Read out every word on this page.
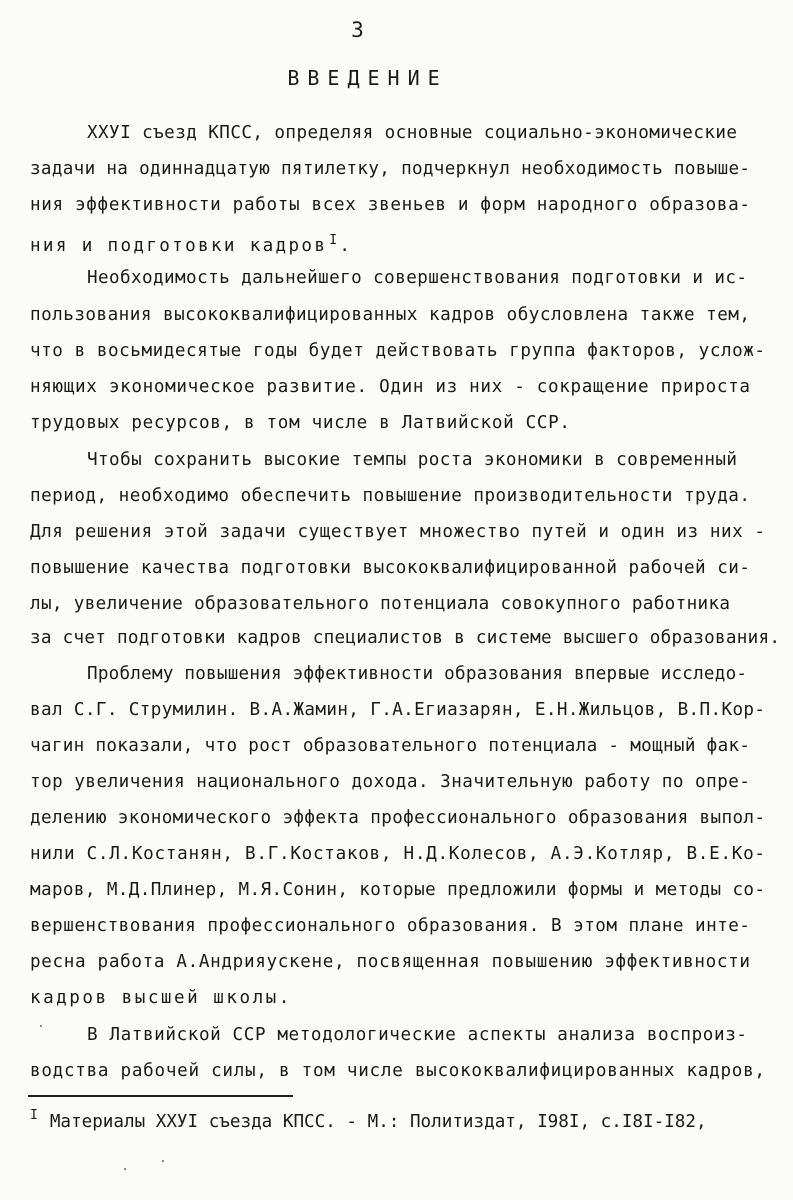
3
ВВЕДЕНИЕ
ХХУI съезд КПСС, определяя основные социально-экономические
задачи на одиннадцатую пятилетку, подчеркнул необходимость повыше-
ния эффективности работы всех звеньев и форм народного образова-
ния и подготовки кадров $^I$.
Необходимость дальнейшего совершенствования подготовки и ис-
пользования высококвалифицированных кадров обусловлена также тем,
что в восьмидесятые годы будет действовать группа факторов, услож-
няющих экономическое развитие. Один из них - сокращение прироста
трудовых ресурсов, в том числе в Латвийской ССР.
Чтобы сохранить высокие темпы роста экономики в современный
период, необходимо обеспечить повышение производительности труда.
Для решения этой задачи существует множество путей и один из них -
повышение качества подготовки высококвалифицированной рабочей си-
лы, увеличение образовательного потенциала совокупного работника
за счет подготовки кадров специалистов в системе высшего образования.
Проблему повышения эффективности образования впервые исследо-
вал С.Г. Струмилин. В.А.Жамин, Г.А.Егиазарян, Е.Н.Жильцов, В.П.Кор-
чагин показали, что рост образовательного потенциала - мощный фак-
тор увеличения национального дохода. Значительную работу по опре-
делению экономического эффекта профессионального образования выпол-
нили С.Л.Костанян, В.Г.Костаков, Н.Д.Колесов, А.Э.Котляр, В.Е.Ко-
маров, М.Д.Плинер, М.Я.Сонин, которые предложили формы и методы со-
вершенствования профессионального образования. В этом плане инте-
ресна работа А.Андрияускене, посвященная повышению эффективности
кадров высшей школы.
В Латвийской ССР методологические аспекты анализа воспроиз-
водства рабочей силы, в том числе высококвалифицированных кадров,
$^I$ Материалы ХХУI съезда КПСС. - М.: Политиздат, I98I, с.I8I-I82,
